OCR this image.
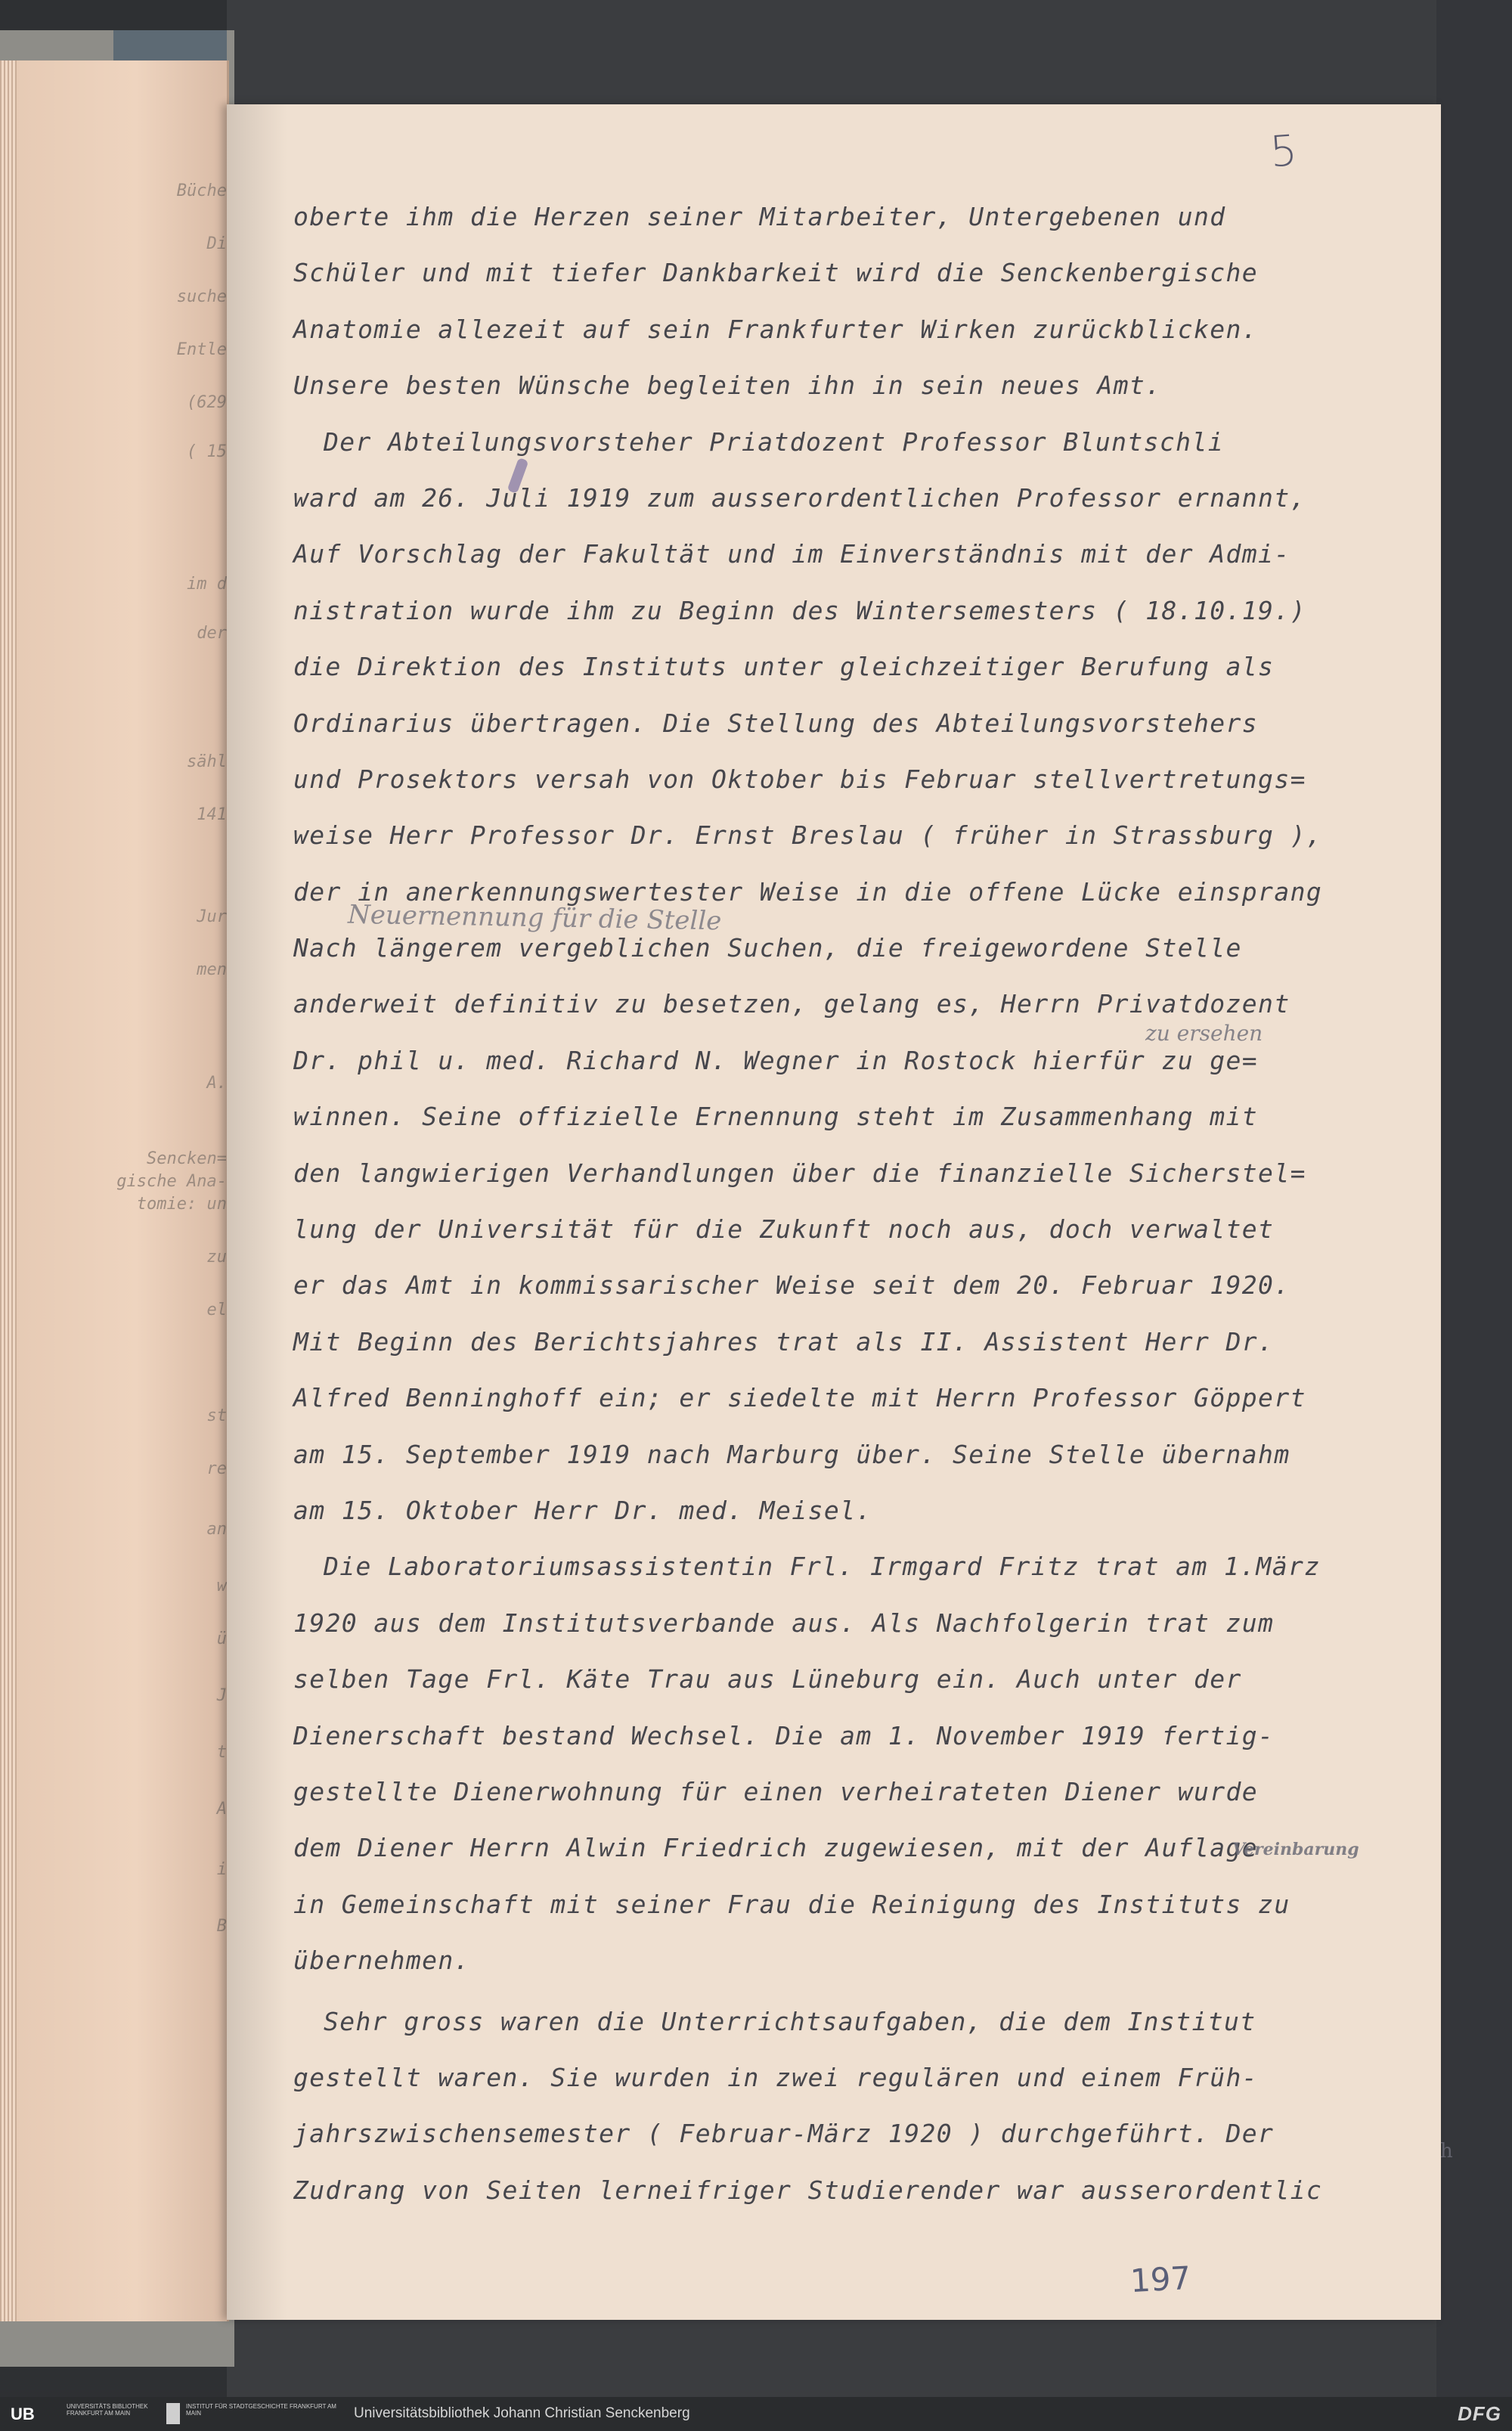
Büche
Di
suche
Entle
(629
( 15
im d
der
sähl
141
Jur
men
A.
Sencken=
gische Ana-
tomie: un
zu
el
st
re
an
w
ü
J
t
A
i
B
5
oberte ihm die Herzen seiner Mitarbeiter, Untergebenen und
Schüler und mit tiefer Dankbarkeit wird die Senckenbergische
Anatomie allezeit auf sein Frankfurter Wirken zurückblicken.
Unsere besten Wünsche begleiten ihn in sein neues Amt.
Der Abteilungsvorsteher Priatdozent Professor Bluntschli
ward am 26. Juli 1919 zum ausserordentlichen Professor ernannt,
Auf Vorschlag der Fakultät und im Einverständnis mit der Admi-
nistration wurde ihm zu Beginn des Wintersemesters ( 18.10.19.)
die Direktion des Instituts unter gleichzeitiger Berufung als
Ordinarius übertragen. Die Stellung des Abteilungsvorstehers
und Prosektors versah von Oktober bis Februar stellvertretungs=
weise Herr Professor Dr. Ernst Breslau ( früher in Strassburg ),
der in anerkennungswertester Weise in die offene Lücke einsprang
Nach längerem vergeblichen Suchen, die freigewordene Stelle
anderweit definitiv zu besetzen, gelang es, Herrn Privatdozent
Dr. phil u. med. Richard N. Wegner in Rostock hierfür zu ge=
winnen. Seine offizielle Ernennung steht im Zusammenhang mit
den langwierigen Verhandlungen über die finanzielle Sicherstel=
lung der Universität für die Zukunft noch aus, doch verwaltet
er das Amt in kommissarischer Weise seit dem 20. Februar 1920.
Mit Beginn des Berichtsjahres trat als II. Assistent Herr Dr.
Alfred Benninghoff ein; er siedelte mit Herrn Professor Göppert
am 15. September 1919 nach Marburg über. Seine Stelle übernahm
am 15. Oktober Herr Dr. med. Meisel.
Die Laboratoriumsassistentin Frl. Irmgard Fritz trat am 1.März
1920 aus dem Institutsverbande aus. Als Nachfolgerin trat zum
selben Tage Frl. Käte Trau aus Lüneburg ein. Auch unter der
Dienerschaft bestand Wechsel. Die am 1. November 1919 fertig-
gestellte Dienerwohnung für einen verheirateten Diener wurde
dem Diener Herrn Alwin Friedrich zugewiesen, mit der Auflage
in Gemeinschaft mit seiner Frau die Reinigung des Instituts zu
übernehmen.
Sehr gross waren die Unterrichtsaufgaben, die dem Institut
gestellt waren. Sie wurden in zwei regulären und einem Früh-
jahrszwischensemester ( Februar-März 1920 ) durchgeführt. Der
Zudrang von Seiten lerneifriger Studierender war ausserordentlic
Neuernennung für die Stelle
zu ersehen
Vereinbarung
h
197
UB	UNIVERSITÄTS BIBLIOTHEK FRANKFURT AM MAIN
INSTITUT FÜR STADTGESCHICHTE FRANKFURT AM MAIN	Universitätsbibliothek Johann Christian Senckenberg	DFG
